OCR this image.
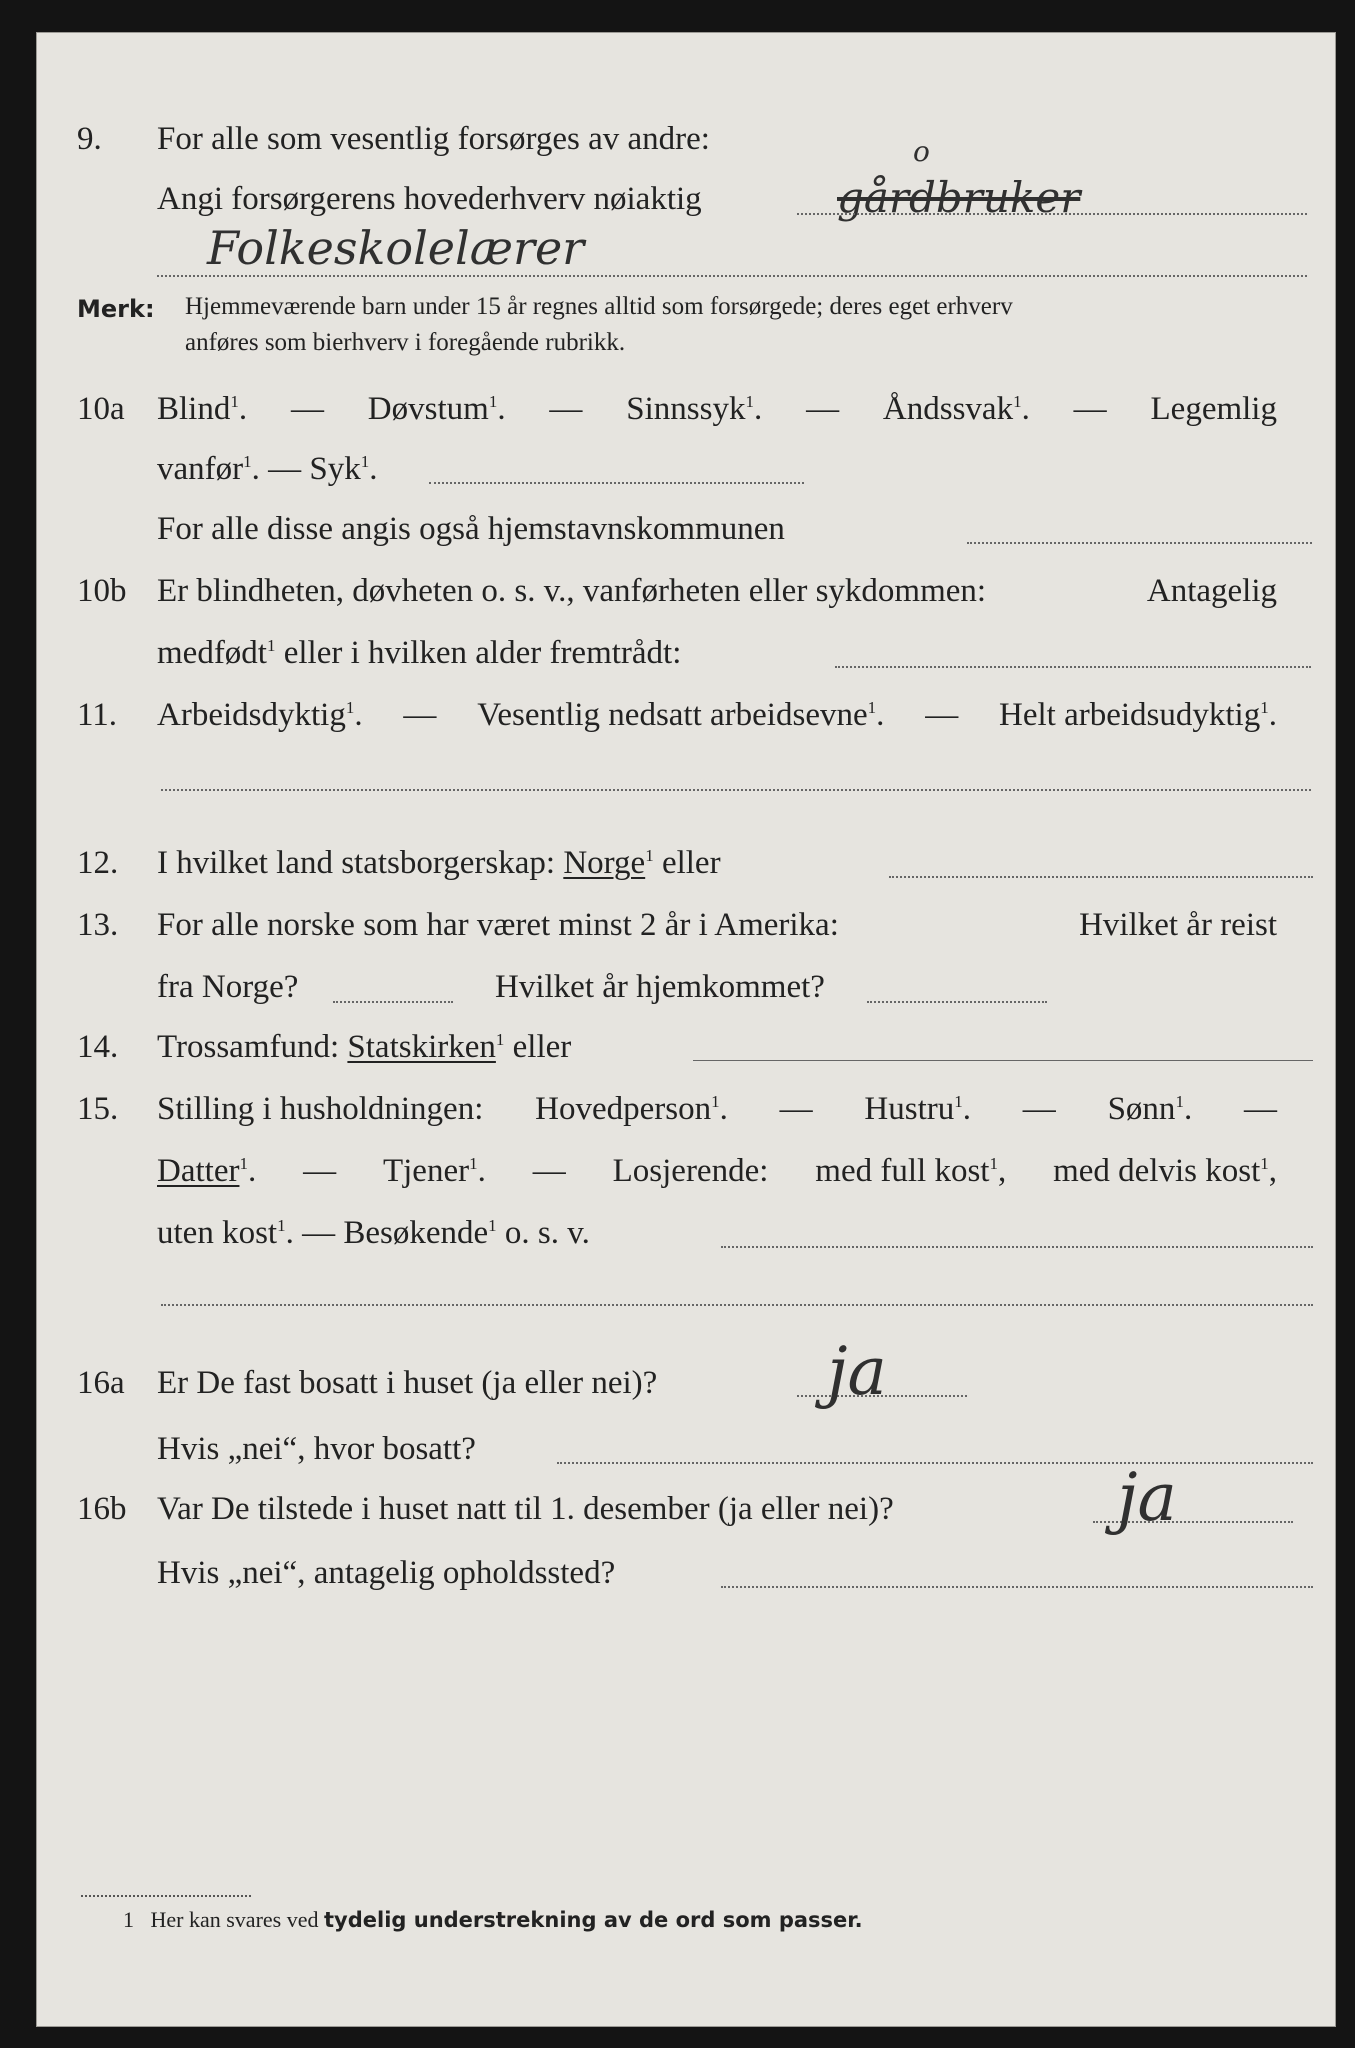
9. For alle som vesentlig forsørges av andre:
Angi forsørgerens hovederhverv nøiaktig
o
gårdbruker
Folkeskolelærer
Merk: Hjemmeværende barn under 15 år regnes alltid som forsørgede; deres eget erhverv
anføres som bierhverv i foregående rubrikk.
10a Blind$^1$. — Døvstum$^1$. — Sinnssyk$^1$. — Åndssvak$^1$. — Legemlig
vanfør$^1$. — Syk$^1$.
For alle disse angis også hjemstavnskommunen
10b Er blindheten, døvheten o. s. v., vanførheten eller sykdommen:	Antagelig
medfødt$^1$ eller i hvilken alder fremtrådt:
11. Arbeidsdyktig$^1$. — Vesentlig nedsatt arbeidsevne$^1$. — Helt arbeidsudyktig$^1$.
12. I hvilket land statsborgerskap: Norge$^1$ eller
13. For alle norske som har været minst 2 år i Amerika:	Hvilket år reist
fra Norge?	Hvilket år hjemkommet?
14. Trossamfund: Statskirken$^1$ eller
15. Stilling i husholdningen: Hovedperson$^1$. — Hustru$^1$. — Sønn$^1$. —
Datter$^1$. — Tjener$^1$. — Losjerende: med full kost$^1$, med delvis kost$^1$,
uten kost$^1$. — Besøkende$^1$ o. s. v.
16a Er De fast bosatt i huset (ja eller nei)?	ja
Hvis „nei“, hvor bosatt?
16b Var De tilstede i huset natt til 1. desember (ja eller nei)?	ja
Hvis „nei“, antagelig opholdssted?
1 Her kan svares ved tydelig understrekning av de ord som passer.
